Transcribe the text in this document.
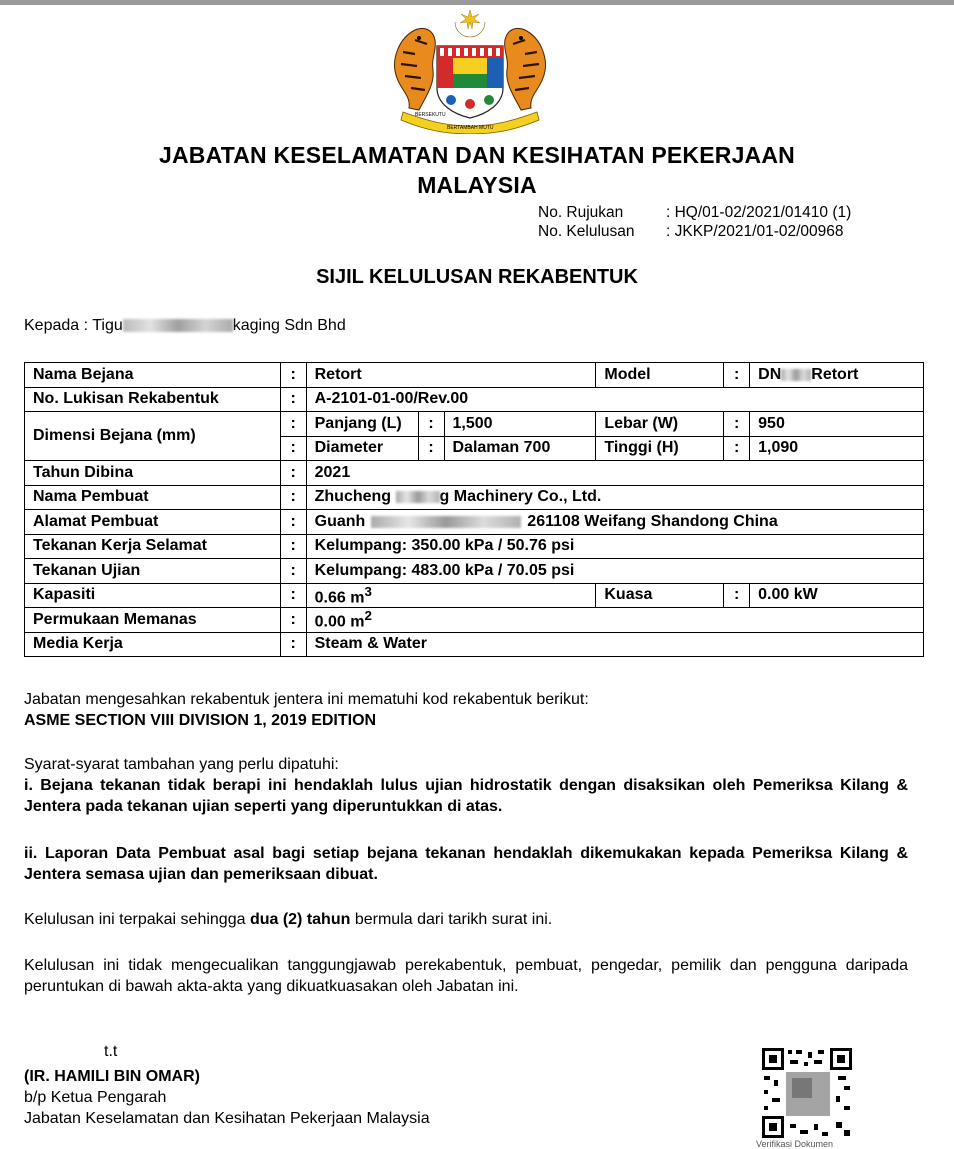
BERSEKUTU
BERTAMBAH MUTU
JABATAN KESELAMATAN DAN KESIHATAN PEKERJAAN
MALAYSIA
No. Rujukan	: HQ/01-02/2021/01410 (1)
No. Kelulusan : JKKP/2021/01-02/00968
SIJIL KELULUSAN REKABENTUK
Kepada : Tigu	kaging Sdn Bhd
Nama Bejana	:	Retort			Model	:	DN Retort
No. Lukisan Rekabentuk	:	A-2101-01-00/Rev.00					
Dimensi Bejana (mm)	:	Panjang (L)	:	1,500	Lebar (W)	:	950
	:	Diameter	:	Dalaman 700	Tinggi (H)	:	1,090
Tahun Dibina	:	2021					
Nama Pembuat	:	Zhucheng g Machinery Co., Ltd.					
Alamat Pembuat	:	Guanh 261108 Weifang Shandong China					
Tekanan Kerja Selamat	:	Kelumpang: 350.00 kPa / 50.76 psi					
Tekanan Ujian	:	Kelumpang: 483.00 kPa / 70.05 psi					
Kapasiti	:	0.66 $m^3$			Kuasa	:	0.00 kW
Permukaan Memanas	:	0.00 $m^2$
Media Kerja	:	Steam & Water					
Jabatan mengesahkan rekabentuk jentera ini mematuhi kod rekabentuk berikut:
ASME SECTION VIII DIVISION 1, 2019 EDITION
Syarat-syarat tambahan yang perlu dipatuhi:
i. Bejana tekanan tidak berapi ini hendaklah lulus ujian hidrostatik dengan disaksikan oleh Pemeriksa Kilang & Jentera pada tekanan ujian seperti yang diperuntukkan di atas.
ii. Laporan Data Pembuat asal bagi setiap bejana tekanan hendaklah dikemukakan kepada Pemeriksa Kilang & Jentera semasa ujian dan pemeriksaan dibuat.
Kelulusan ini terpakai sehingga dua (2) tahun bermula dari tarikh surat ini.
Kelulusan ini tidak mengecualikan tanggungjawab perekabentuk, pembuat, pengedar, pemilik dan pengguna daripada peruntukan di bawah akta-akta yang dikuatkuasakan oleh Jabatan ini.
t.t
(IR. HAMILI BIN OMAR)
b/p Ketua Pengarah
Jabatan Keselamatan dan Kesihatan Pekerjaan Malaysia
Verifikasi Dokumen
